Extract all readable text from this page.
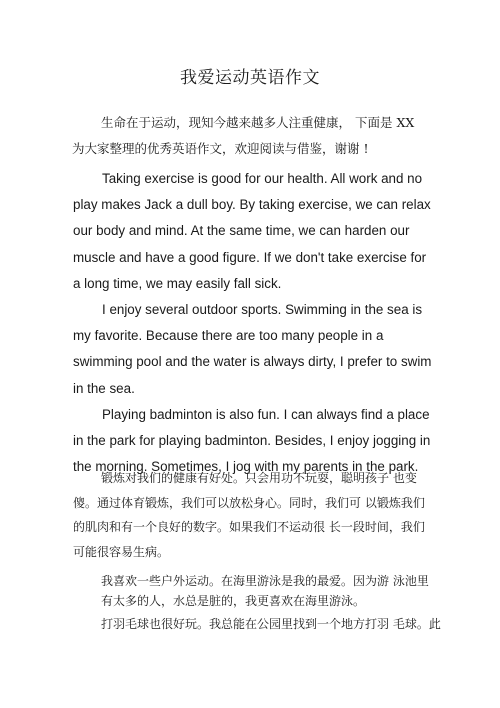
我爱运动英语作文
生命在于运动，现知今越来越多人注重健康， 下面是 XX
为大家整理的优秀英语作文，欢迎阅读与借鉴，谢谢 !

Taking exercise is good for our health. All work and no play makes Jack a dull boy. By taking exercise, we can relax our body and mind. At the same time, we can harden our muscle and have a good figure. If we don't take exercise for a long time, we may easily fall sick.

I enjoy several outdoor sports. Swimming in the sea is my favorite. Because there are too many people in a swimming pool and the water is always dirty, I prefer to swim in the sea.

Playing badminton is also fun. I can always find a place in the park for playing badminton. Besides, I enjoy jogging in the morning. Sometimes, I jog with my parents in the park.

锻炼对我们的健康有好处。只会用功不玩耍，聪明孩子 也变傻。通过体育锻炼，我们可以放松身心。同时，我们可 以锻炼我们的肌肉和有一个良好的数字。如果我们不运动很 长一段时间，我们可能很容易生病。

我喜欢一些户外运动。在海里游泳是我的最爱。因为游 泳池里有太多的人，水总是脏的，我更喜欢在海里游泳。

打羽毛球也很好玩。我总能在公园里找到一个地方打羽 毛球。此
